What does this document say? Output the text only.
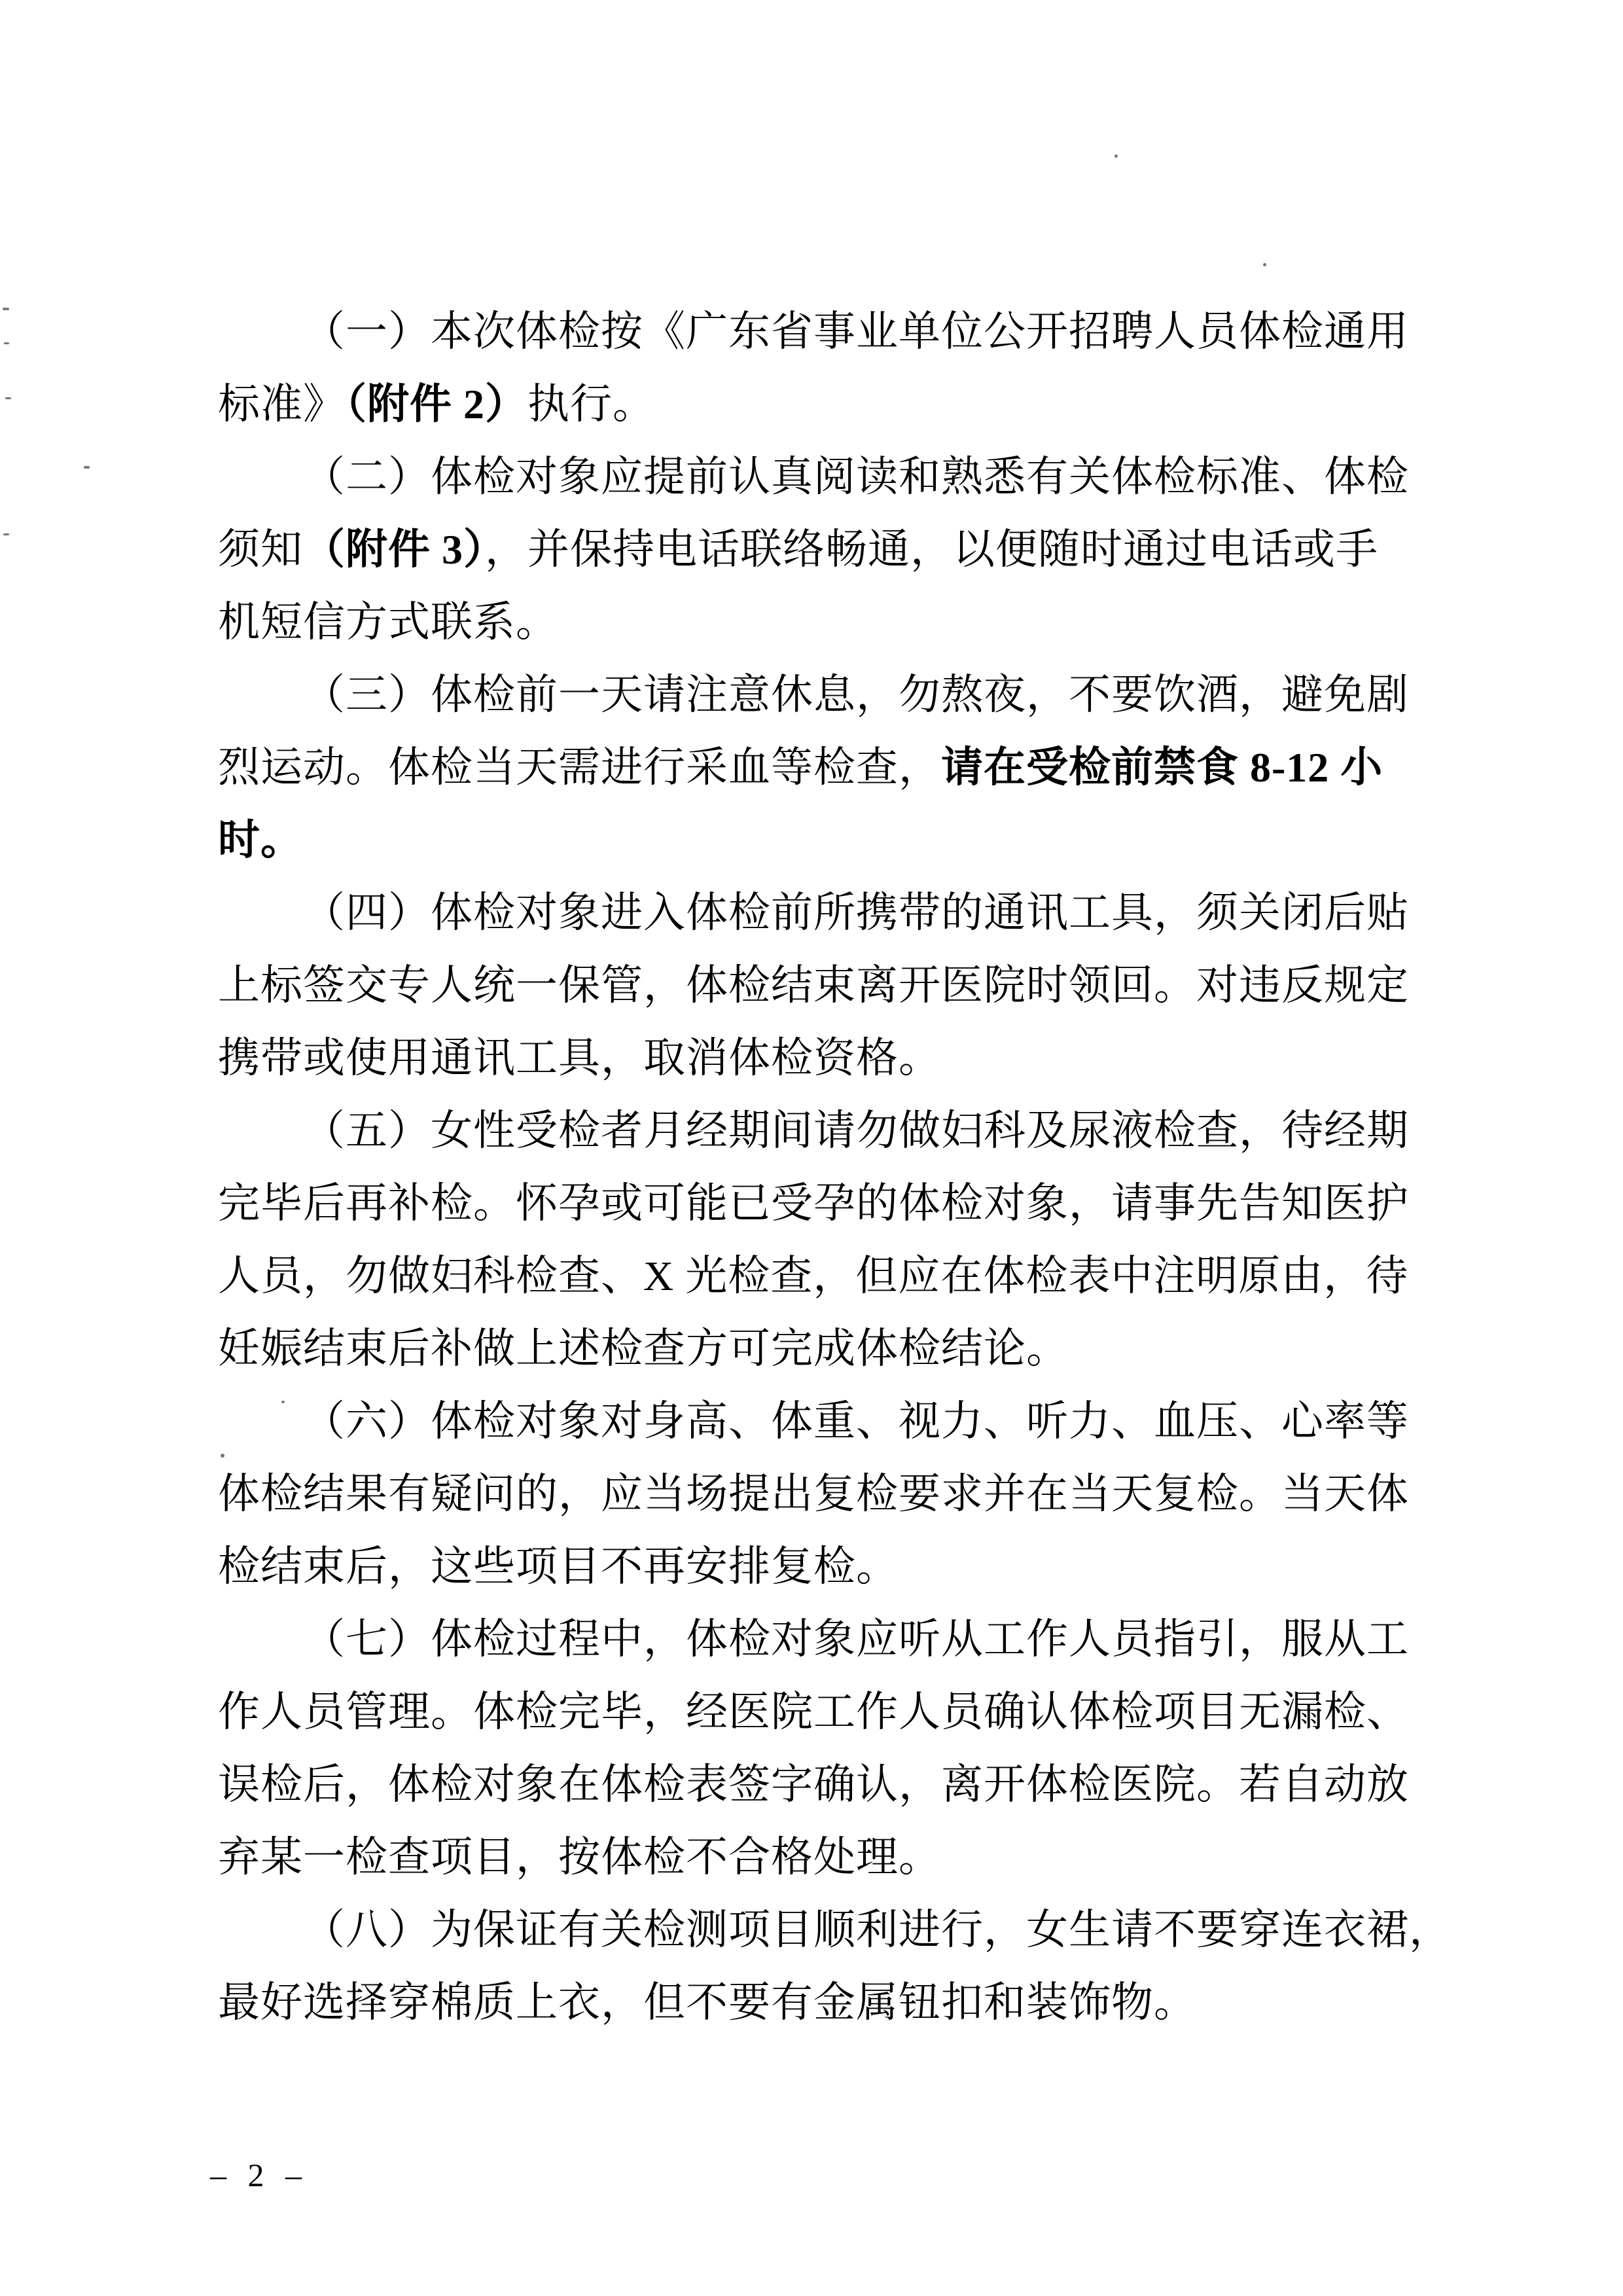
（一）本次体检按《广东省事业单位公开招聘人员体检通用
标准》（附件 2）执行。
（二）体检对象应提前认真阅读和熟悉有关体检标准、体检
须知（附件 3），并保持电话联络畅通，以便随时通过电话或手
机短信方式联系。
（三）体检前一天请注意休息，勿熬夜，不要饮酒，避免剧
烈运动。体检当天需进行采血等检查，请在受检前禁食 8-12 小
时。
（四）体检对象进入体检前所携带的通讯工具，须关闭后贴
上标签交专人统一保管，体检结束离开医院时领回。对违反规定
携带或使用通讯工具，取消体检资格。
（五）女性受检者月经期间请勿做妇科及尿液检查，待经期
完毕后再补检。怀孕或可能已受孕的体检对象，请事先告知医护
人员，勿做妇科检查、X 光检查，但应在体检表中注明原由，待
妊娠结束后补做上述检查方可完成体检结论。
（六）体检对象对身高、体重、视力、听力、血压、心率等
体检结果有疑问的，应当场提出复检要求并在当天复检。当天体
检结束后，这些项目不再安排复检。
（七）体检过程中，体检对象应听从工作人员指引，服从工
作人员管理。体检完毕，经医院工作人员确认体检项目无漏检、
误检后，体检对象在体检表签字确认，离开体检医院。若自动放
弃某一检查项目，按体检不合格处理。
（八）为保证有关检测项目顺利进行，女生请不要穿连衣裙，
最好选择穿棉质上衣，但不要有金属钮扣和装饰物。
– 2 –
